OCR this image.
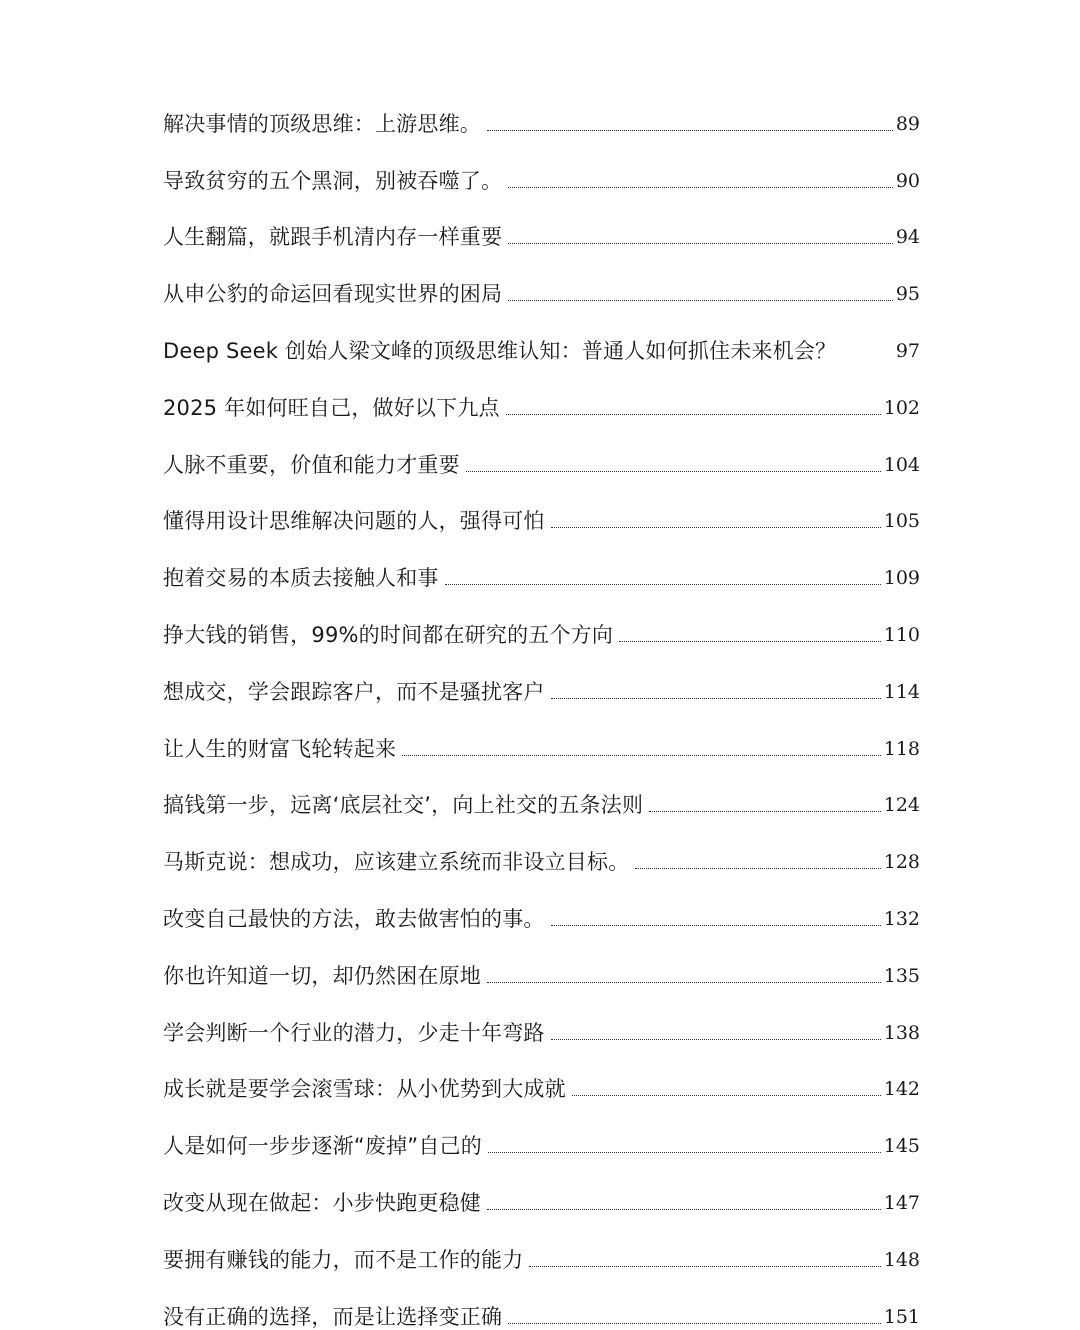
解决事情的顶级思维：上游思维。	89
导致贫穷的五个黑洞，别被吞噬了。	90
人生翻篇，就跟手机清内存一样重要	94
从申公豹的命运回看现实世界的困局	95
Deep Seek 创始人梁文峰的顶级思维认知：普通人如何抓住未来机会？	97
2025 年如何旺自己，做好以下九点	102
人脉不重要，价值和能力才重要	104
懂得用设计思维解决问题的人，强得可怕	105
抱着交易的本质去接触人和事	109
挣大钱的销售，99%的时间都在研究的五个方向	110
想成交，学会跟踪客户，而不是骚扰客户	114
让人生的财富飞轮转起来	118
搞钱第一步，远离‘底层社交’，向上社交的五条法则	124
马斯克说：想成功，应该建立系统而非设立目标。	128
改变自己最快的方法，敢去做害怕的事。	132
你也许知道一切，却仍然困在原地	135
学会判断一个行业的潜力，少走十年弯路	138
成长就是要学会滚雪球：从小优势到大成就	142
人是如何一步步逐渐“废掉”自己的	145
改变从现在做起：小步快跑更稳健	147
要拥有赚钱的能力，而不是工作的能力	148
没有正确的选择，而是让选择变正确	151
